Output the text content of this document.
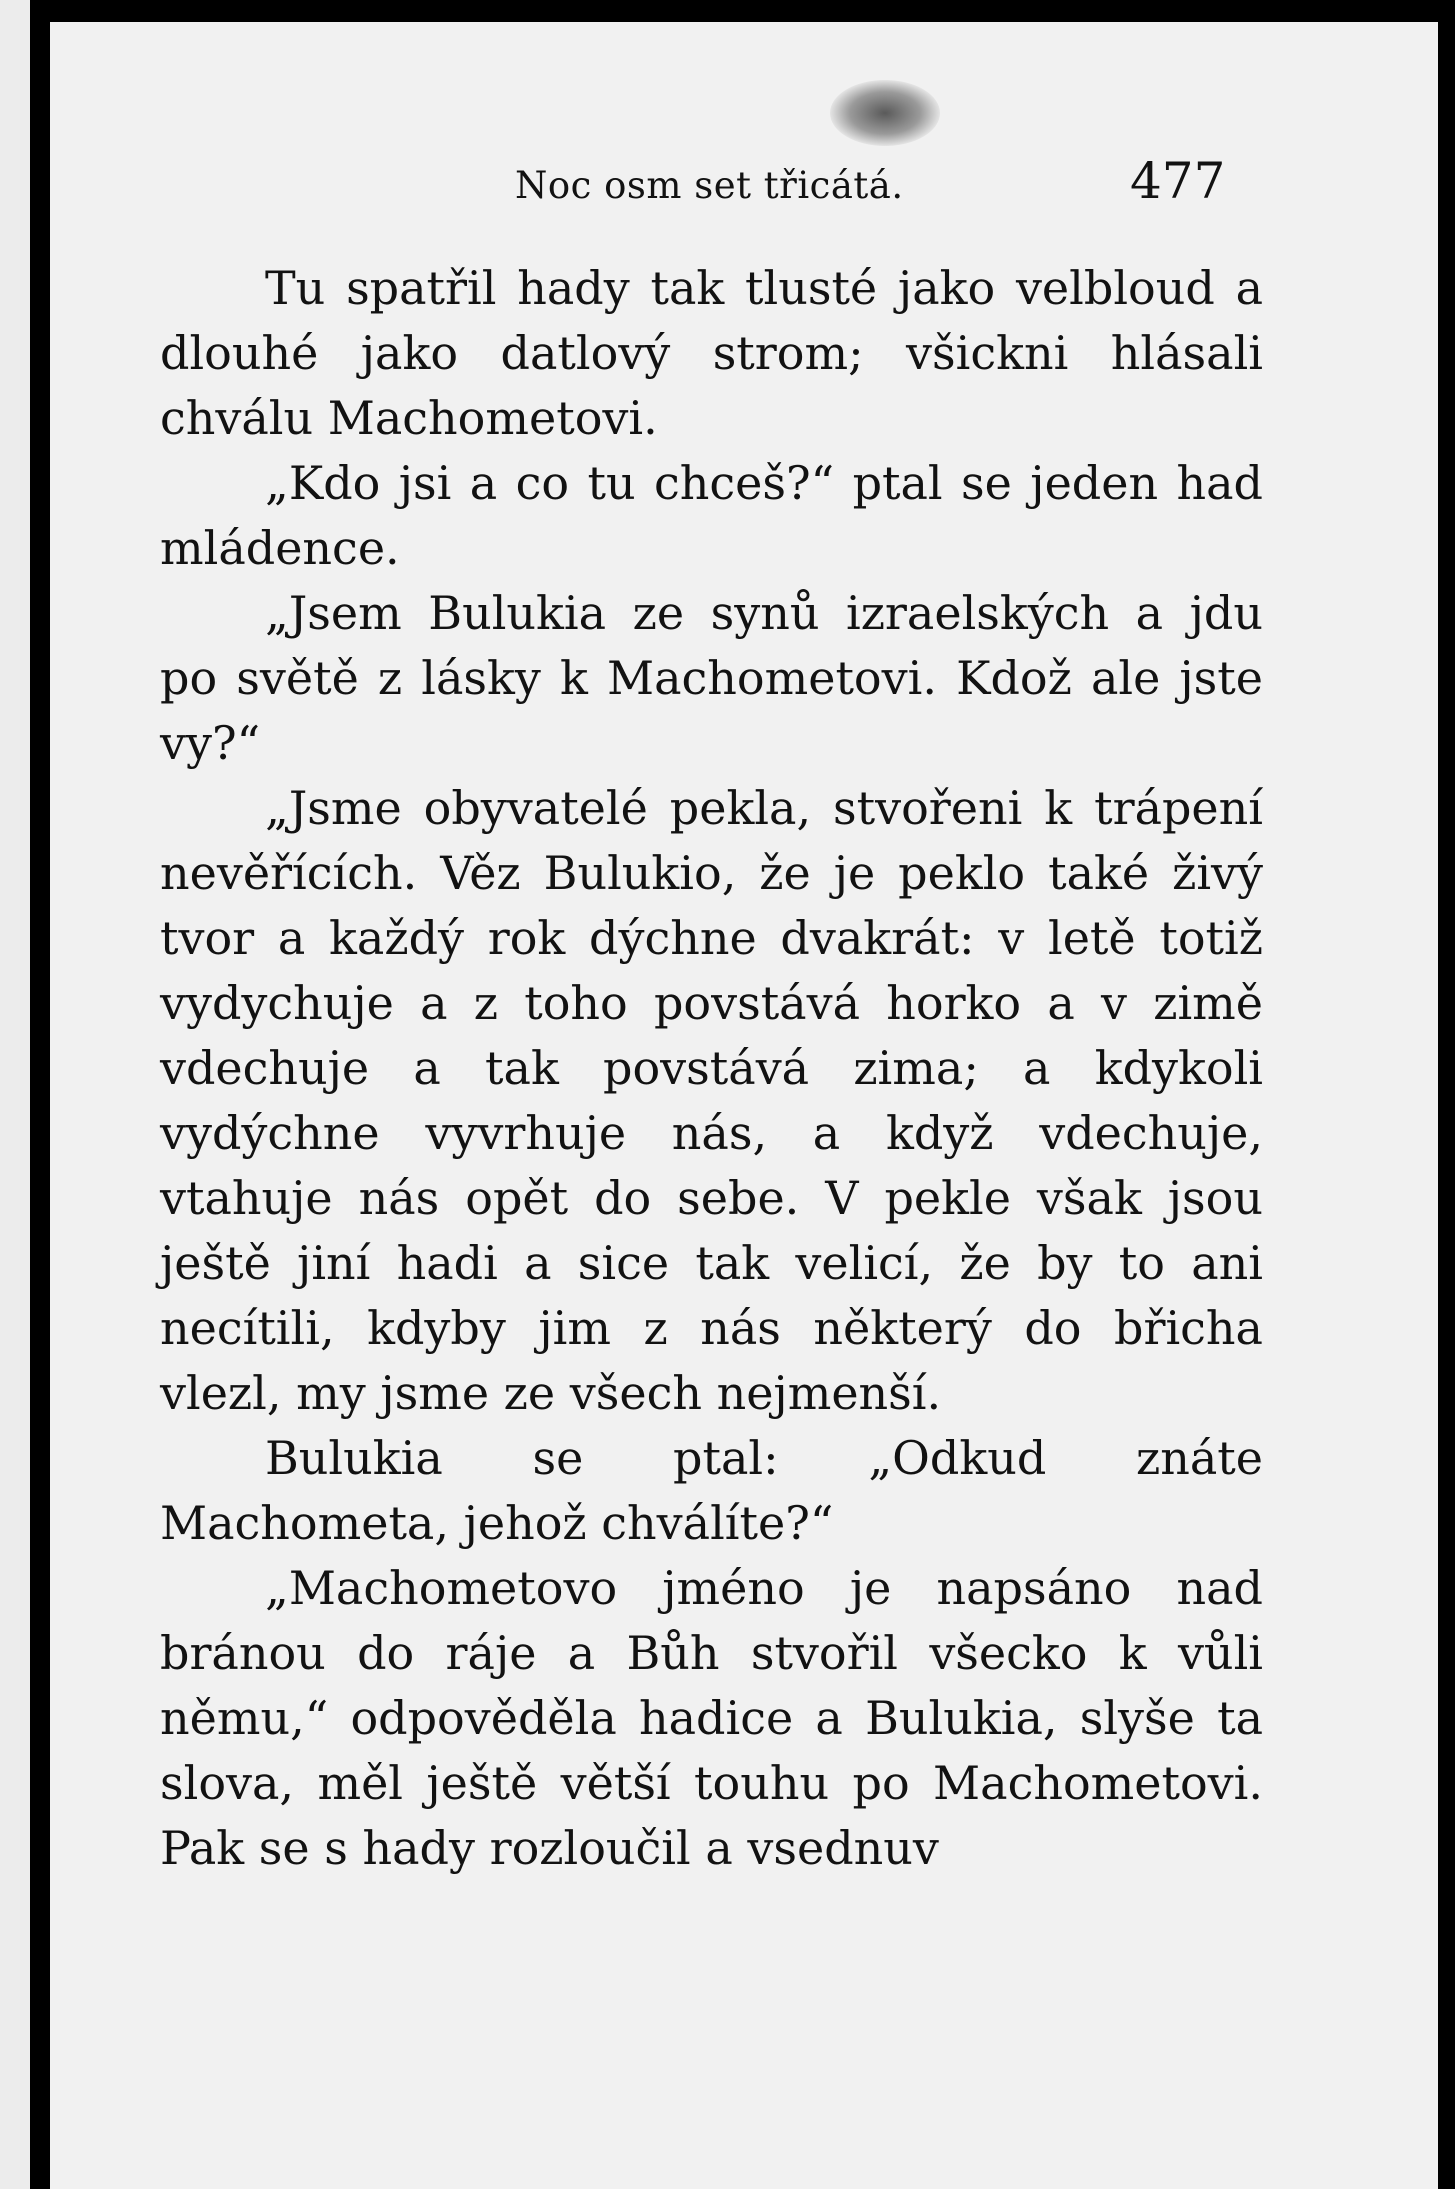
Noc osm set třicátá.	477

Tu spatřil hady tak tlusté jako velbloud a dlouhé jako datlový strom; všickni hlásali chválu Machometovi.

„Kdo jsi a co tu chceš?“ ptal se jeden had mládence.

„Jsem Bulukia ze synů izraelských a jdu po světě z lásky k Machometovi. Kdož ale jste vy?“

„Jsme obyvatelé pekla, stvořeni k trápení nevěřících. Věz Bulukio, že je peklo také živý tvor a každý rok dýchne dvakrát: v letě totiž vydychuje a z toho povstává horko a v zimě vdechuje a tak povstává zima; a kdykoli vydýchne vyvrhuje nás, a když vdechuje, vtahuje nás opět do sebe. V pekle však jsou ještě jiní hadi a sice tak velicí, že by to ani necítili, kdyby jim z nás některý do břicha vlezl, my jsme ze všech nejmenší.

Bulukia se ptal: „Odkud znáte Machometa, jehož chválíte?“

„Machometovo jméno je napsáno nad bránou do ráje a Bůh stvořil všecko k vůli němu,“ odpověděla hadice a Bulukia, slyše ta slova, měl ještě větší touhu po Machometovi. Pak se s hady rozloučil a vsednuv
